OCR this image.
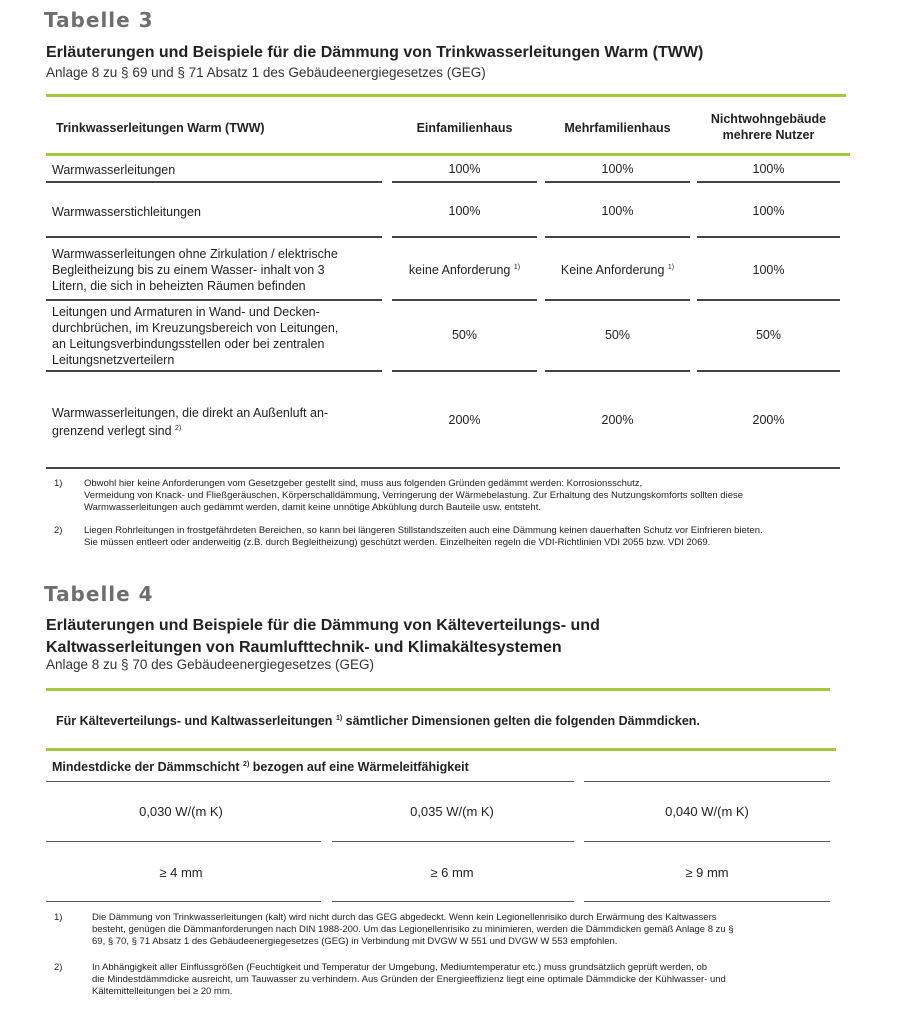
Tabelle 3
Erläuterungen und Beispiele für die Dämmung von Trinkwasserleitungen Warm (TWW)
Anlage 8 zu § 69 und § 71 Absatz 1 des Gebäudeenergiegesetzes (GEG)
Trinkwasserleitungen Warm (TWW)	Einfamilienhaus	Mehrfamilienhaus
Nichtwohngebäude
mehrere Nutzer
Warmwasserleitungen	100%	100%	100%
Warmwasserstichleitungen	100%	100%	100%
Warmwasserleitungen ohne Zirkulation / elektrische
Begleitheizung bis zu einem Wasser- inhalt von 3
Litern, die sich in beheizten Räumen befinden
keine Anforderung $^{1)}$	Keine Anforderung $^{1)}$	100%
Leitungen und Armaturen in Wand- und Decken-
durchbrüchen, im Kreuzungsbereich von Leitungen,
an Leitungsverbindungsstellen oder bei zentralen
Leitungsnetzverteilern
50%	50%	50%
Warmwasserleitungen, die direkt an Außenluft an-
grenzend verlegt sind $^{2)}$
200%	200%	200%
1) Obwohl hier keine Anforderungen vom Gesetzgeber gestellt sind, muss aus folgenden Gründen gedämmt werden: Korrosionsschutz,
Vermeidung von Knack- und Fließgeräuschen, Körperschalldämmung, Verringerung der Wärmebelastung. Zur Erhaltung des Nutzungskomforts sollten diese
Warmwasserleitungen auch gedämmt werden, damit keine unnötige Abkühlung durch Bauteile usw. entsteht.
2) Liegen Rohrleitungen in frostgefährdeten Bereichen, so kann bei längeren Stillstandszeiten auch eine Dämmung keinen dauerhaften Schutz vor Einfrieren bieten.
Sie müssen entleert oder anderweitig (z.B. durch Begleitheizung) geschützt werden. Einzelheiten regeln die VDI-Richtlinien VDI 2055 bzw. VDI 2069.
Tabelle 4
Erläuterungen und Beispiele für die Dämmung von Kälteverteilungs- und
Kaltwasserleitungen von Raumlufttechnik- und Klimakältesystemen
Anlage 8 zu § 70 des Gebäudeenergiegesetzes (GEG)
Für Kälteverteilungs- und Kaltwasserleitungen $^{1)}$ sämtlicher Dimensionen gelten die folgenden Dämmdicken.
Mindestdicke der Dämmschicht $^{2)}$ bezogen auf eine Wärmeleitfähigkeit
0,030 W/(m K)	0,035 W/(m K)	0,040 W/(m K)
≥ 4 mm	≥ 6 mm	≥ 9 mm
1)	Die Dämmung von Trinkwasserleitungen (kalt) wird nicht durch das GEG abgedeckt. Wenn kein Legionellenrisiko durch Erwärmung des Kaltwassers
besteht, genügen die Dämmanforderungen nach DIN 1988-200. Um das Legionellenrisiko zu minimieren, werden die Dämmdicken gemäß Anlage 8 zu §
69, § 70, § 71 Absatz 1 des Gebäudeenergiegesetzes (GEG) in Verbindung mit DVGW W 551 und DVGW W 553 empfohlen.
2)	In Abhängigkeit aller Einflussgrößen (Feuchtigkeit und Temperatur der Umgebung, Mediumtemperatur etc.) muss grundsätzlich geprüft werden, ob
die Mindestdämmdicke ausreicht, um Tauwasser zu verhindern. Aus Gründen der Energieeffizienz liegt eine optimale Dämmdicke der Kühlwasser- und
Kältemittelleitungen bei ≥ 20 mm.
